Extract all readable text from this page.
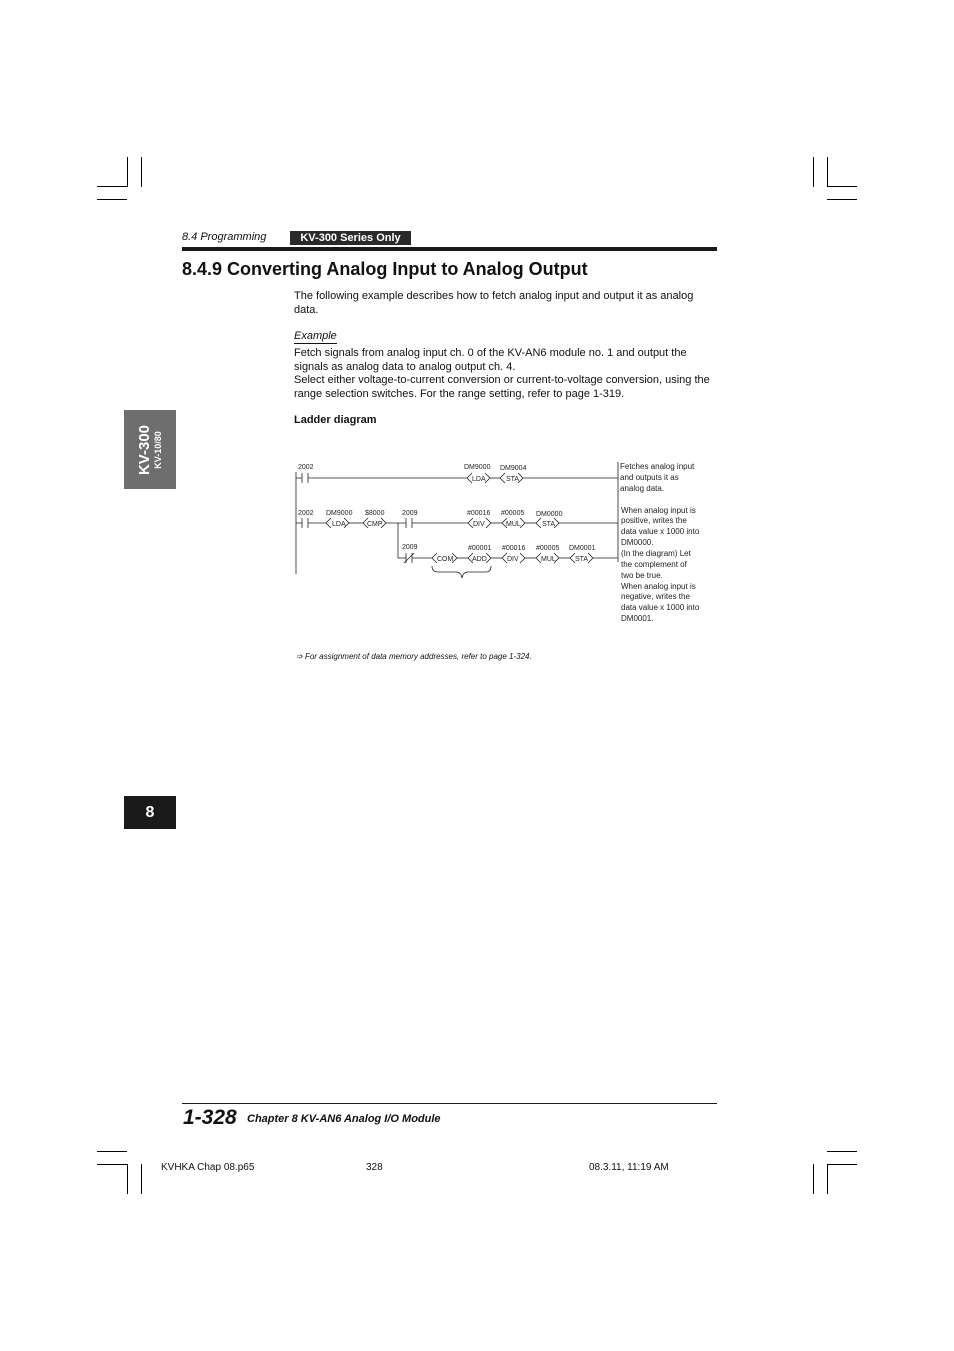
8.4 Programming	KV-300 Series Only
8.4.9 Converting Analog Input to Analog Output
The following example describes how to fetch analog input and output it as analog data.
Example
Fetch signals from analog input ch. 0 of the KV-AN6 module no. 1 and output the signals as analog data to analog output ch. 4.
Select either voltage-to-current conversion or current-to-voltage conversion, using the range selection switches. For the range setting, refer to page 1-319.
Ladder diagram
KV-300 KV-10/80
8
2002	DM9000 DM9004
LDA	STA
2002 DM9000 $8000	2009	#00016 #00005 DM0000
LDA	CMP	DIV	MUL	STA
2009	#00001 #00016 #00005 DM0001
COM	ADD	DIV	MUL	STA
Fetches analog input
and outputs it as
analog data.
When analog input is
positive, writes the
data value x 1000 into
DM0000.
(In the diagram) Let
the complement of
two be true.
When analog input is
negative, writes the
data value x 1000 into
DM0001.
➩ For assignment of data memory addresses, refer to page 1-324.
1-328 Chapter 8 KV-AN6 Analog I/O Module
KVHKA Chap 08.p65	328	08.3.11, 11:19 AM
